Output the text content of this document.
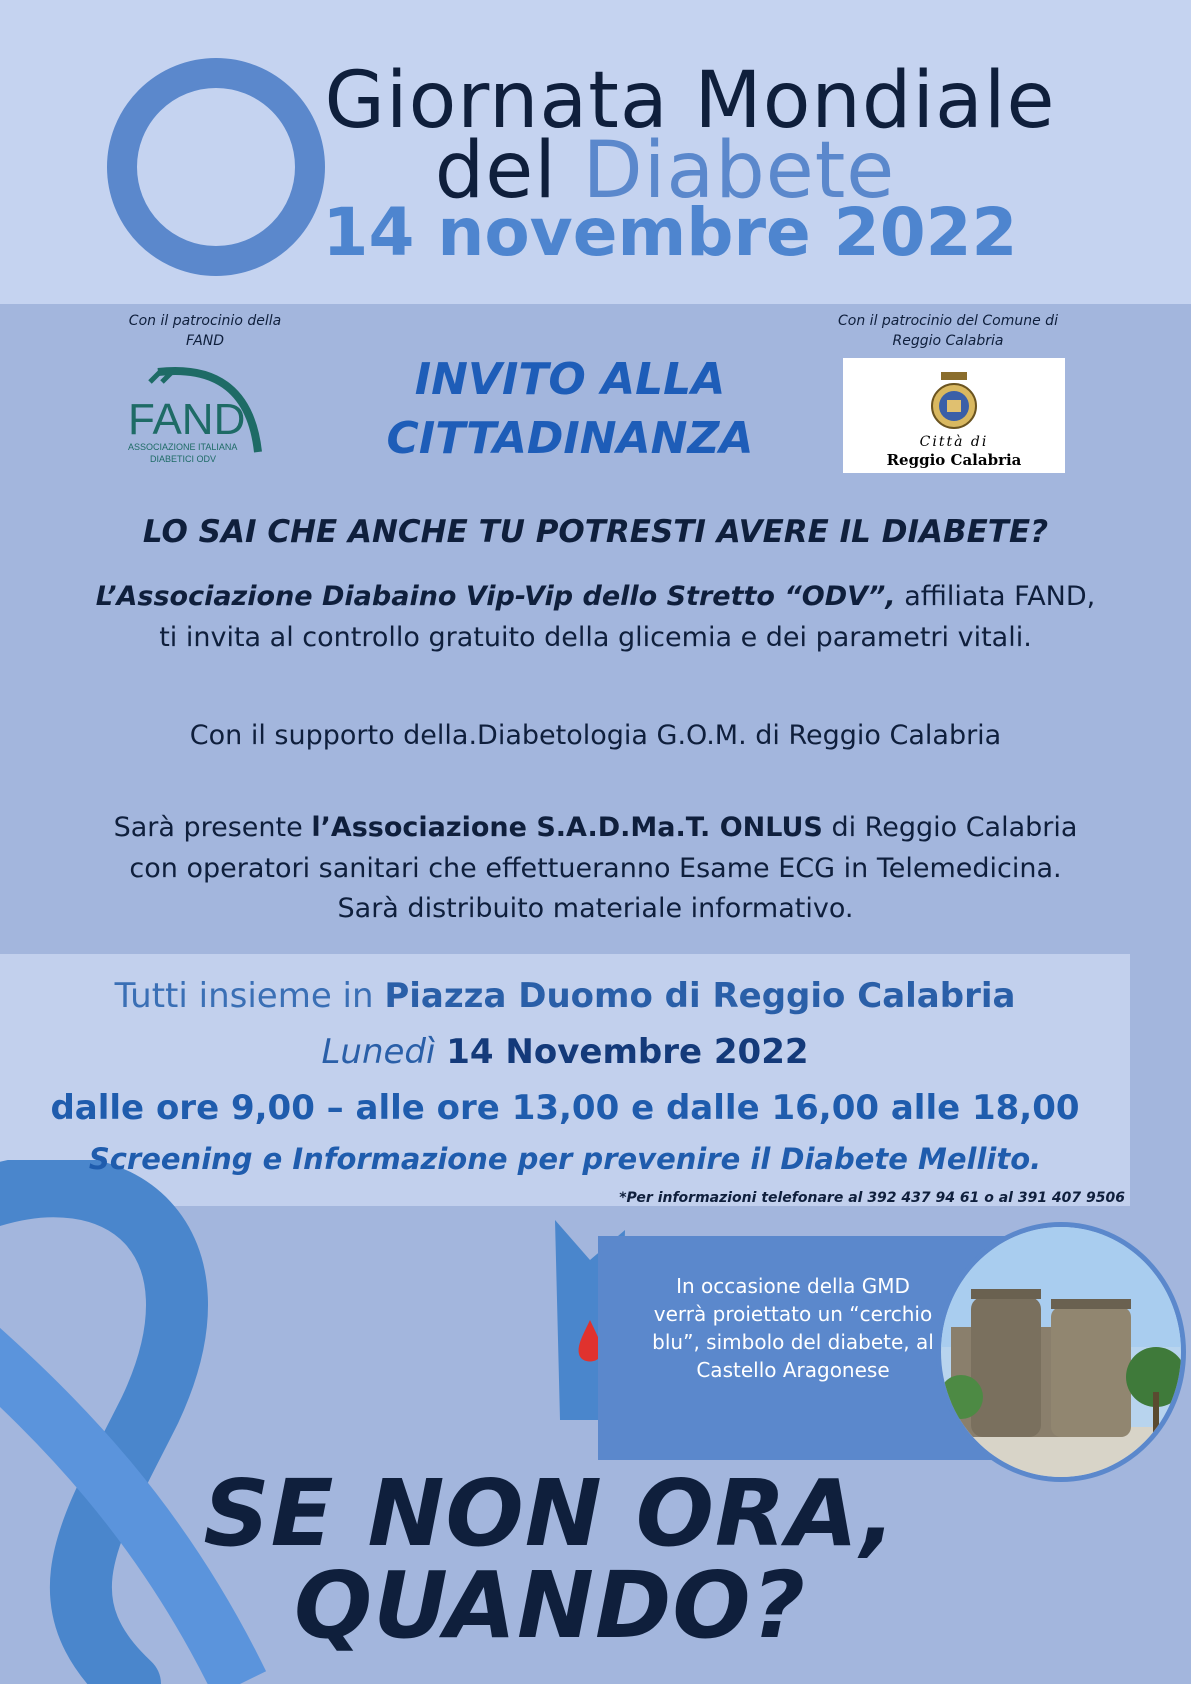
Giornata Mondiale
del Diabete
14 novembre 2022
Con il patrocinio della FAND
FAND
ASSOCIAZIONE ITALIANA
DIABETICI ODV
INVITO ALLA
CITTADINANZA
Con il patrocinio del Comune di Reggio Calabria
Città di
Reggio Calabria
LO SAI CHE ANCHE TU POTRESTI AVERE IL DIABETE?
L’Associazione Diabaino Vip-Vip dello Stretto “ODV”, affiliata FAND,
ti invita al controllo gratuito della glicemia e dei parametri vitali.
Con il supporto della.Diabetologia G.O.M. di Reggio Calabria
Sarà presente l’Associazione S.A.D.Ma.T. ONLUS di Reggio Calabria
con operatori sanitari che effettueranno Esame ECG in Telemedicina.
Sarà distribuito materiale informativo.
Tutti insieme in Piazza Duomo di Reggio Calabria
Lunedì 14 Novembre 2022
dalle ore 9,00 – alle ore 13,00 e dalle 16,00 alle 18,00
Screening e Informazione per prevenire il Diabete Mellito.
*Per informazioni telefonare al 392 437 94 61 o al 391 407 9506
In occasione della GMD verrà proiettato un “cerchio blu”, simbolo del diabete, al Castello Aragonese
SE NON ORA,
QUANDO?
